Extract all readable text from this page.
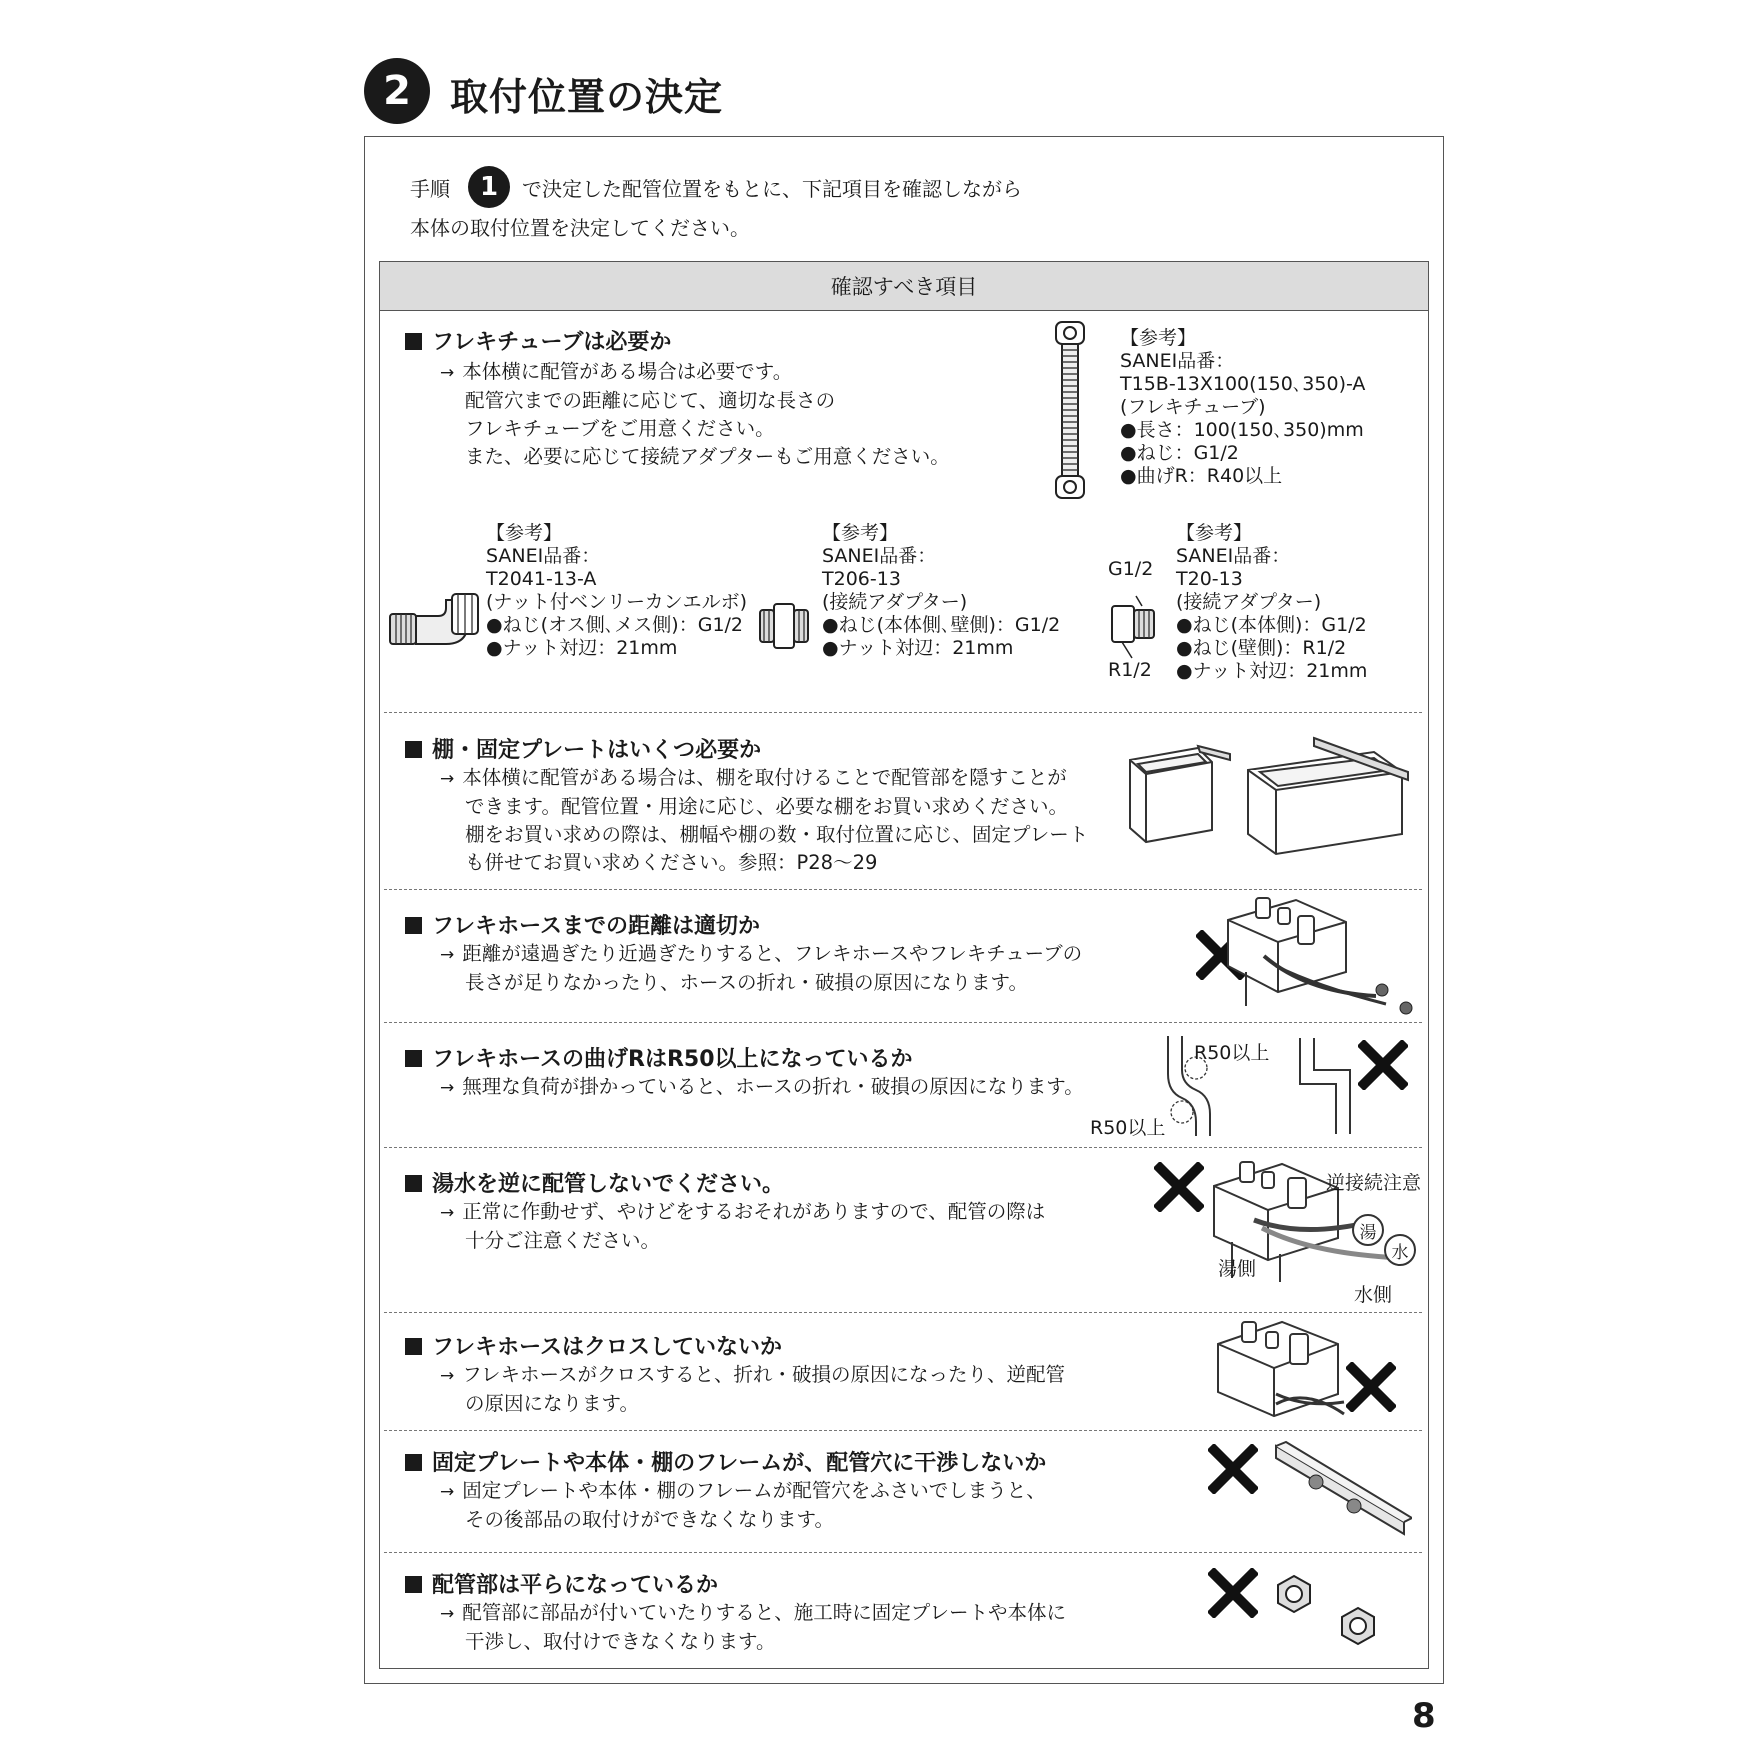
2	取付位置の決定
手順	1	で決定した配管位置をもとに、下記項目を確認しながら
本体の取付位置を決定してください。
確認すべき項目
フレキチューブは必要か
→ 本体横に配管がある場合は必要です。
配管穴までの距離に応じて、適切な長さの
フレキチューブをご用意ください。
また、必要に応じて接続アダプターもご用意ください。
【参考】
SANEI品番：
T15B-13X100(150､350)-A
(フレキチューブ)
●長さ：100(150､350)mm
●ねじ：G1/2
●曲げR：R40以上
【参考】
SANEI品番：
T2041-13-A
(ナット付ベンリーカンエルボ)
●ねじ(オス側､メス側)：G1/2
●ナット対辺：21mm
【参考】
SANEI品番：
T206-13
(接続アダプター)
●ねじ(本体側､壁側)：G1/2
●ナット対辺：21mm
G1/2
R1/2
【参考】
SANEI品番：
T20-13
(接続アダプター)
●ねじ(本体側)：G1/2
●ねじ(壁側)：R1/2
●ナット対辺：21mm
棚・固定プレートはいくつ必要か
→ 本体横に配管がある場合は、棚を取付けることで配管部を隠すことが
できます。配管位置・用途に応じ、必要な棚をお買い求めください。
棚をお買い求めの際は、棚幅や棚の数・取付位置に応じ、固定プレート
も併せてお買い求めください。参照：P28〜29
フレキホースまでの距離は適切か
→ 距離が遠過ぎたり近過ぎたりすると、フレキホースやフレキチューブの
長さが足りなかったり、ホースの折れ・破損の原因になります。
フレキホースの曲げRはR50以上になっているか
→ 無理な負荷が掛かっていると、ホースの折れ・破損の原因になります。
R50以上
R50以上
湯水を逆に配管しないでください。
→ 正常に作動せず、やけどをするおそれがありますので、配管の際は
十分ご注意ください。
逆接続注意
湯
水
湯側
水側
フレキホースはクロスしていないか
→ フレキホースがクロスすると、折れ・破損の原因になったり、逆配管
の原因になります。
固定プレートや本体・棚のフレームが、配管穴に干渉しないか
→ 固定プレートや本体・棚のフレームが配管穴をふさいでしまうと、
その後部品の取付けができなくなります。
配管部は平らになっているか
→ 配管部に部品が付いていたりすると、施工時に固定プレートや本体に
干渉し、取付けできなくなります。
8
